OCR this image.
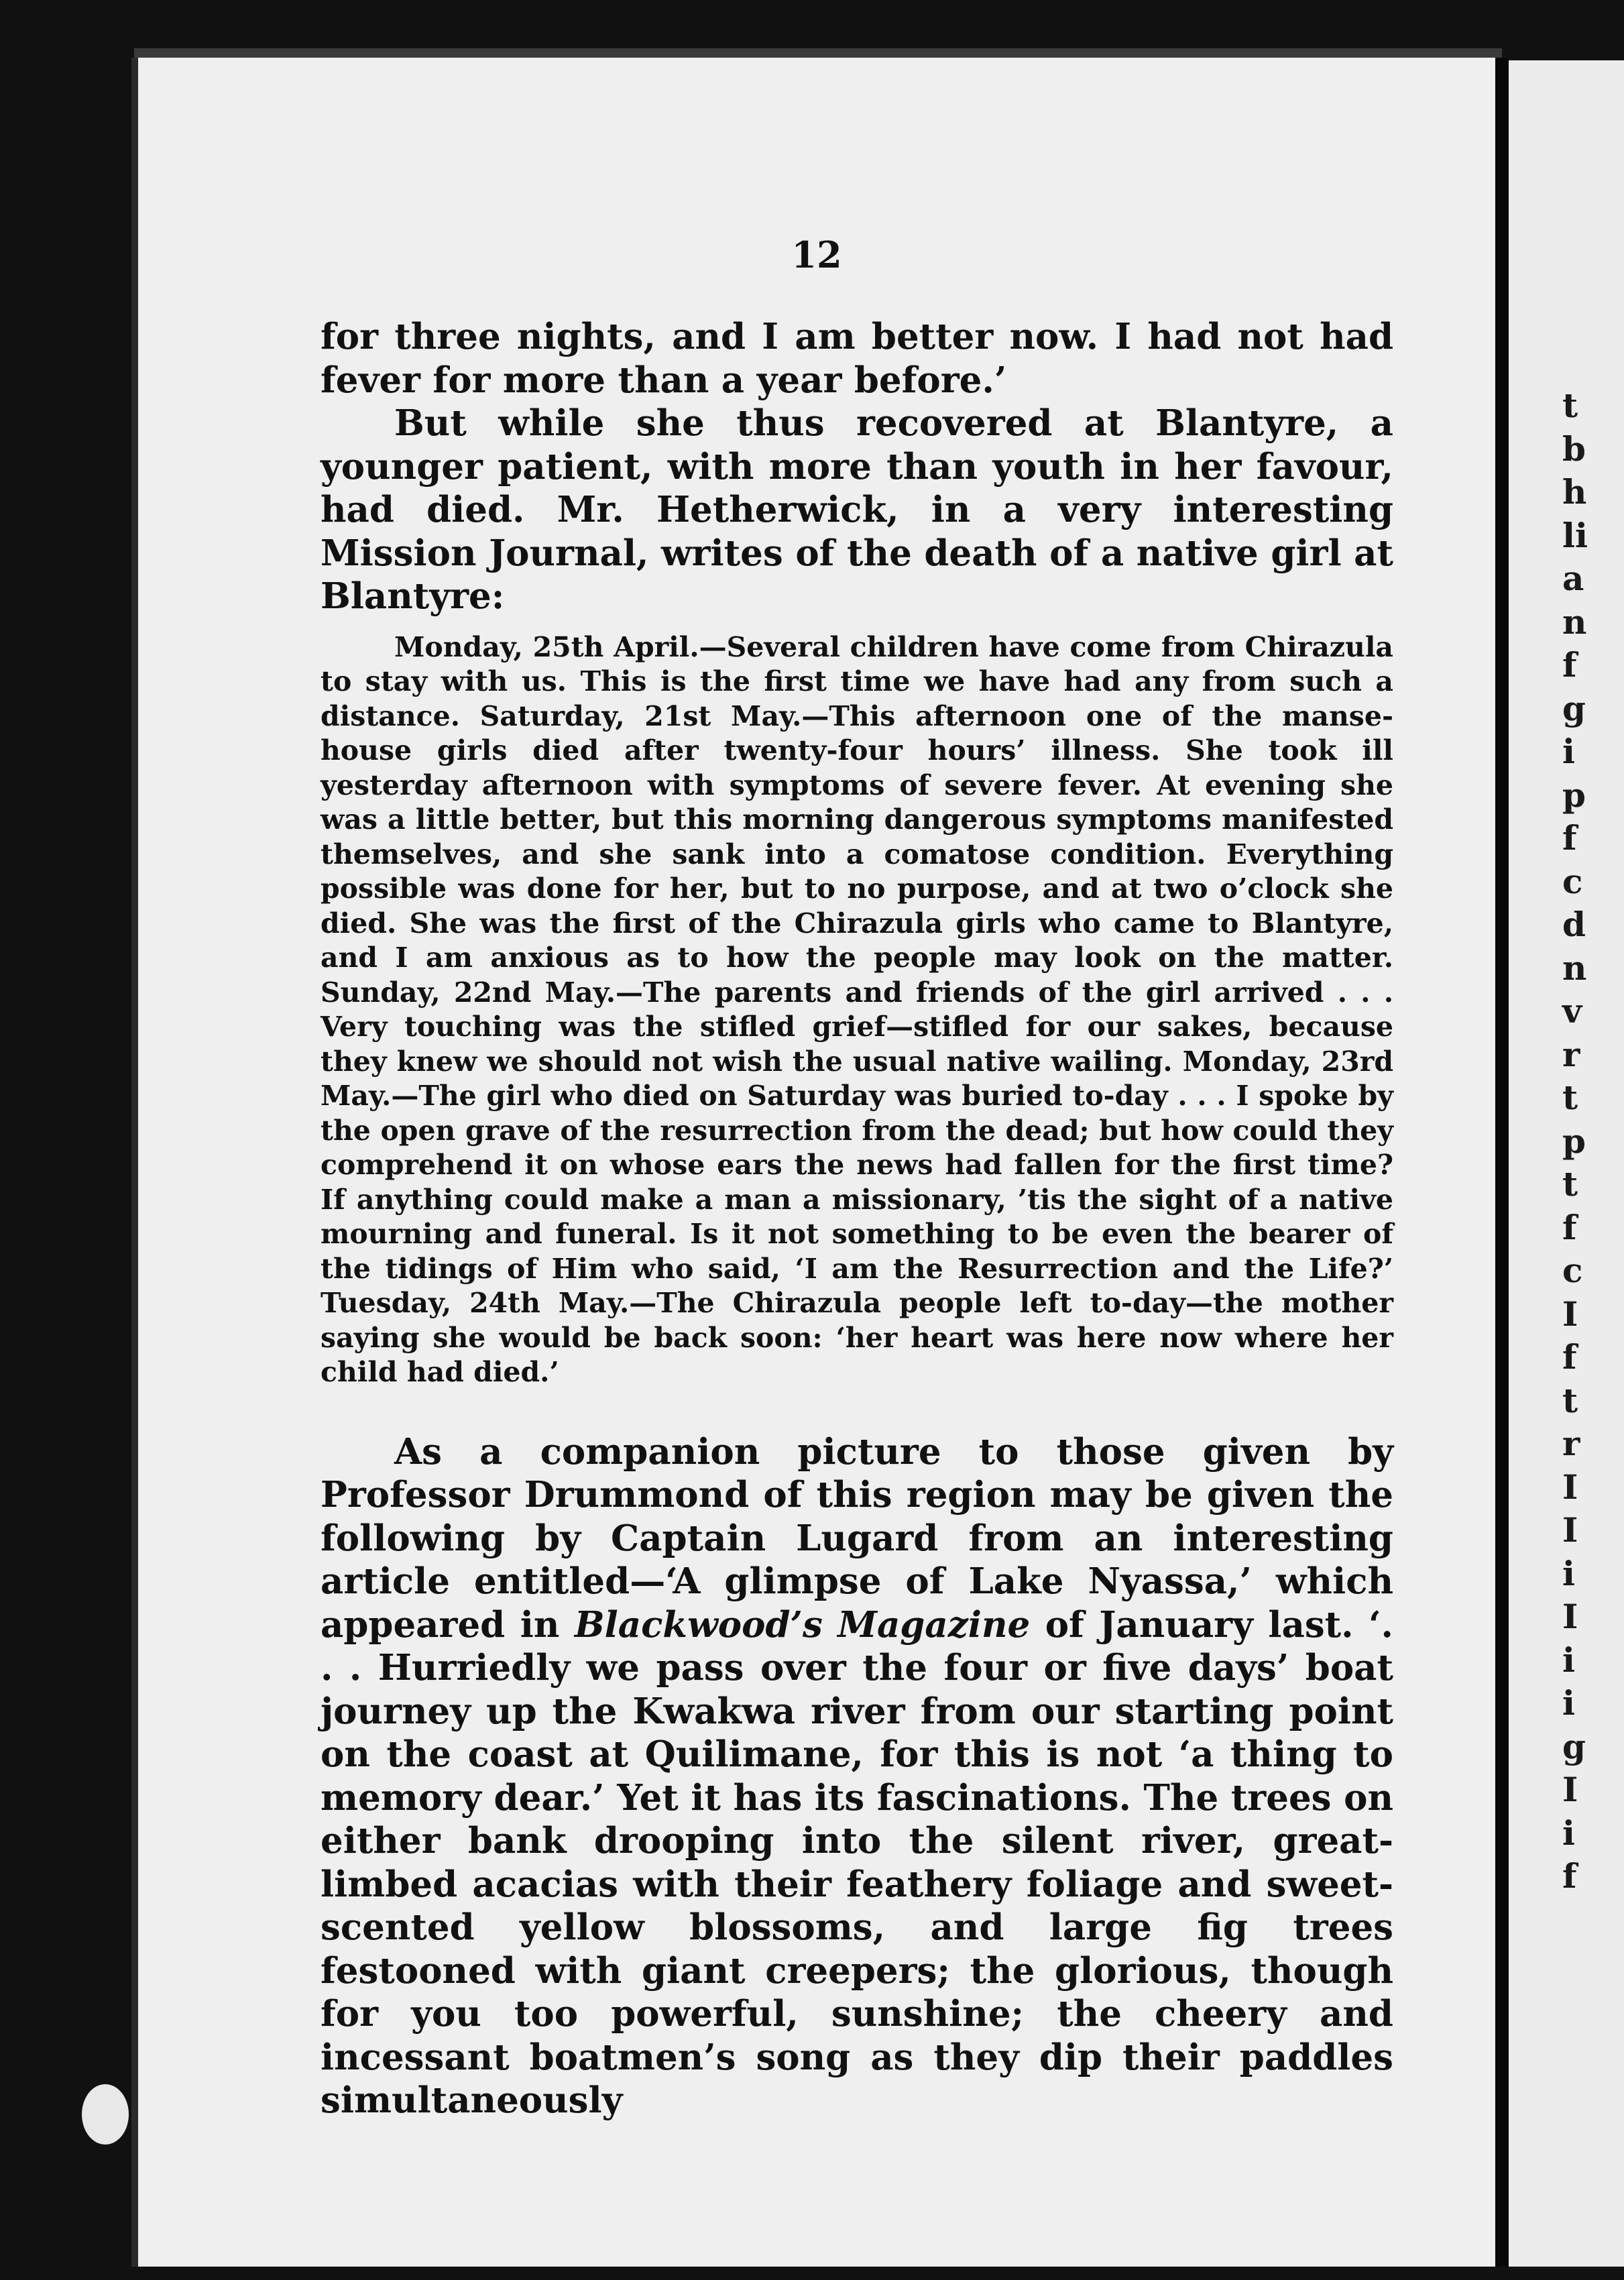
12

for three nights, and I am better now. I had not had fever for more than a year before.’

But while she thus recovered at Blantyre, a younger patient, with more than youth in her favour, had died. Mr. Hetherwick, in a very interesting Mission Journal, writes of the death of a native girl at Blantyre:

Monday, 25th April.—Several children have come from Chirazula to stay with us. This is the first time we have had any from such a distance. Saturday, 21st May.—This afternoon one of the manse-house girls died after twenty-four hours’ illness. She took ill yesterday afternoon with symptoms of severe fever. At evening she was a little better, but this morning dangerous symptoms manifested themselves, and she sank into a comatose condition. Everything possible was done for her, but to no purpose, and at two o’clock she died. She was the first of the Chirazula girls who came to Blantyre, and I am anxious as to how the people may look on the matter. Sunday, 22nd May.—The parents and friends of the girl arrived . . . Very touching was the stifled grief—stifled for our sakes, because they knew we should not wish the usual native wailing. Monday, 23rd May.—The girl who died on Saturday was buried to-day . . . I spoke by the open grave of the resurrection from the dead; but how could they comprehend it on whose ears the news had fallen for the first time? If anything could make a man a missionary, ’tis the sight of a native mourning and funeral. Is it not something to be even the bearer of the tidings of Him who said, ‘I am the Resurrection and the Life?’ Tuesday, 24th May.—The Chirazula people left to-day—the mother saying she would be back soon: ‘her heart was here now where her child had died.’

As a companion picture to those given by Professor Drummond of this region may be given the following by Captain Lugard from an interesting article entitled—‘A glimpse of Lake Nyassa,’ which appeared in Blackwood’s Magazine of January last. ‘. . . Hurriedly we pass over the four or five days’ boat journey up the Kwakwa river from our starting point on the coast at Quilimane, for this is not ‘a thing to memory dear.’ Yet it has its fascinations. The trees on either bank drooping into the silent river, great-limbed acacias with their feathery foliage and sweet-scented yellow blossoms, and large fig trees festooned with giant creepers; the glorious, though for you too powerful, sunshine; the cheery and incessant boatmen’s song as they dip their paddles simultaneously

t
b
h
li
a
n
f
g
i
p
f
c
d
n
v
r
t
p
t
f
c
I
f
t
r
I
I
i
I
i
i
g
I
i
f
